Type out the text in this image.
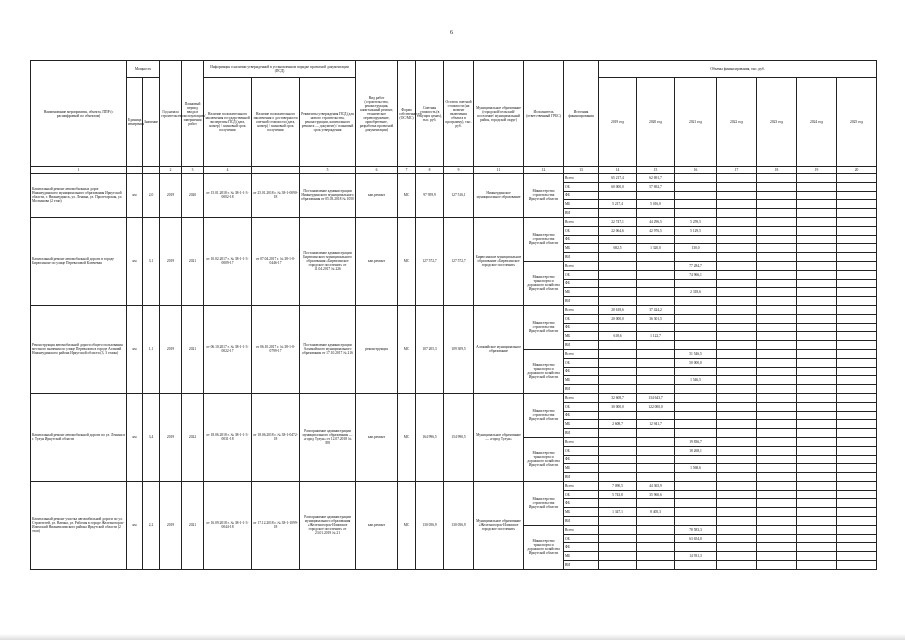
6
Наименование мероприятия, объекта, ППР (с расшифровкой по объектам)	Мощность		Год начала строительства	Плановый период ввода в эксплуатацию/ завершения работ	Информация о наличии утвержденной в установленном порядке проектной документации (ПСД)			Вид работ (строительство, реконструкция, капитальный ремонт, техническое перевооружение, приобретение, разработка проектной документации)	Форма собственности (ОС/МС)	Сметная стоимость (в текущих ценах), тыс. руб.	Остаток сметной стоимости (на момент включения объекта в программу), тыс. руб.	Муниципальное образование (городской/сельский/ поселение/ муниципальный район, городской округ)	Исполнитель (ответственный ГРБС)	Источник финансирования	Объемы финансирования, тыс. руб.						
	Единица измерения	Значение			Наличие положительного заключения государственной экспертизы ПСД (дата, номер) / плановый срок получения	Наличие положительного заключения о достоверности сметной стоимости (дата, номер) / плановый срок получения	Реквизиты утверждения ПСД (для нового строительства, реконструкции, капитального ремонта — документ) / плановый срок утверждения								2019 год	2020 год	2021 год	2022 год	2023 год	2024 год	2025 год
1			2	3	4		5	6	7	8	9	11	12	13	14	15	16	17	18	19	20
Капитальный ремонт автомобильных дорог Нижнеудинского муниципального образования Иркутской области, г. Нижнеудинск, ул. Ленина, ул. Пролетарская, ул. Молчанова (2 этап)	км	2,0	2019	2020	от 15.01.2018 г. № 38-1-1-3-0002-18	от 25.01.2018 г. № 38-1-0090-18	Постановление администрации Нижнеудинского муниципального образования от 05.03.2018 № 1050	кап.ремонт	МС	97 959,9	127 516,1	Нижнеудинское муниципальное образование	Министерство строительства Иркутской области	Всего	65 217,4	62 691,7					
														ОБ	60 000,0	57 692,7					
														ФБ							
														МБ	5 217,4	5 016,0					
														ВИ							
Капитальный ремонт автомобильной дороги в городе Бирюсинске по улице Переваловой Ключевая	км	3,1	2019	2021	от 10.02.2017 г. № 38-1-1-3-0009-17	от 07.04.2017 г. № 38-1-0-0446-17	Постановление администрации Бирюсинского муниципального образования «Бирюсинское городское поселение» от 11.04.2017 № 226	кап.ремонт	МС	127 572,7	127 572,7	Бирюсинское муниципальное образование «Бирюсинское городское поселение»	Министерство строительства Иркутской области	Всего	22 747,1	44 296,5	5 259,5				
														ОБ	22 064,6	42 976,5	5 129,5				
														ФБ							
														МБ	682,5	1 320,0	130,0				
														ВИ							
													Министерство транспорта и дорожного хозяйства Иркутской области	Всего			77 284,7				
														ОБ			74 966,1				
														ФБ							
														МБ			2 318,6				
														ВИ							
Реконструкция автомобильной дороги общего пользования местного значения по улице Перевалова в городе Алзамай Нижнеудинского района Иркутской области (3, 3 этапы)	км	1,1	2019	2021	от 06.10.2017 г. № 38-1-1-3-0022-17	от 06.10.2017 г. № 38-1-0-0799-17	Постановление администрации Алзамайского муниципального образования от 17.10.2017 № 216	реконструкция	МС	107 205,3	109 309,5	Алзамайское муниципальное образование	Министерство строительства Иркутской области	Всего	20 618,6	37 424,2					
														ОБ	20 000,0	36 301,5					
														ФБ							
														МБ	618,6	1 122,7					
														ВИ							
													Министерство транспорта и дорожного хозяйства Иркутской области	Всего			51 546,5				
														ОБ			50 000,0				
														ФБ							
														МБ			1 546,5				
														ВИ							
Капитальный ремонт автомобильной дороги по ул. Ленина в г. Тулун Иркутской области	км	3,4	2019	2022	от 18.06.2018 г. № 38-1-1-3-0031-18	от 18.06.2018 г. № 38-1-0472-18	Распоряжение администрации муниципального образования — «город Тулун» от 12.07.2018 № 395	кап.ремонт	МС	164 996,5	154 990,5	Муниципальное образование — «город Тулун»	Министерство строительства Иркутской области	Всего	32 608,7	134 643,7					
														ОБ	30 000,0	122 000,0					
														ФБ							
														МБ	2 608,7	12 941,7					
														ВИ							
													Министерство транспорта и дорожного хозяйства Иркутской области	Всего			19 836,7				
														ОБ			18 268,1				
														ФБ							
														МБ			1 568,6				
														ВИ							
Капитальный ремонт участка автомобильной дороги по ул. Строителей, ул. Ватина, ул. Рабочая в городе Железногорск-Илимский Нижнеилимского района Иркутской области (2 этап)	км	2,2	2019	2021	от 16.09.2018 г. № 38-1-1-3-0044-18	от 17.12.2018 г. № 38-1-1099-18	Распоряжение администрации муниципального образования «Железногорск-Илимское городское поселение» от 23.01.2019 № 21	кап.ремонт	МС	130 056,9	130 056,9	Муниципальное образование «Железногорск-Илимское городское поселение»	Министерство строительства Иркутской области	Всего	7 090,5	44 365,9					
														ОБ	5 743,8	35 960,6					
														ФБ							
														МБ	1 347,1	8 405,3					
														ВИ							
													Министерство транспорта и дорожного хозяйства Иркутской области	Всего			78 583,3				
														ОБ			63 654,0				
														ФБ							
														МБ			14 931,3				
														ВИ							
